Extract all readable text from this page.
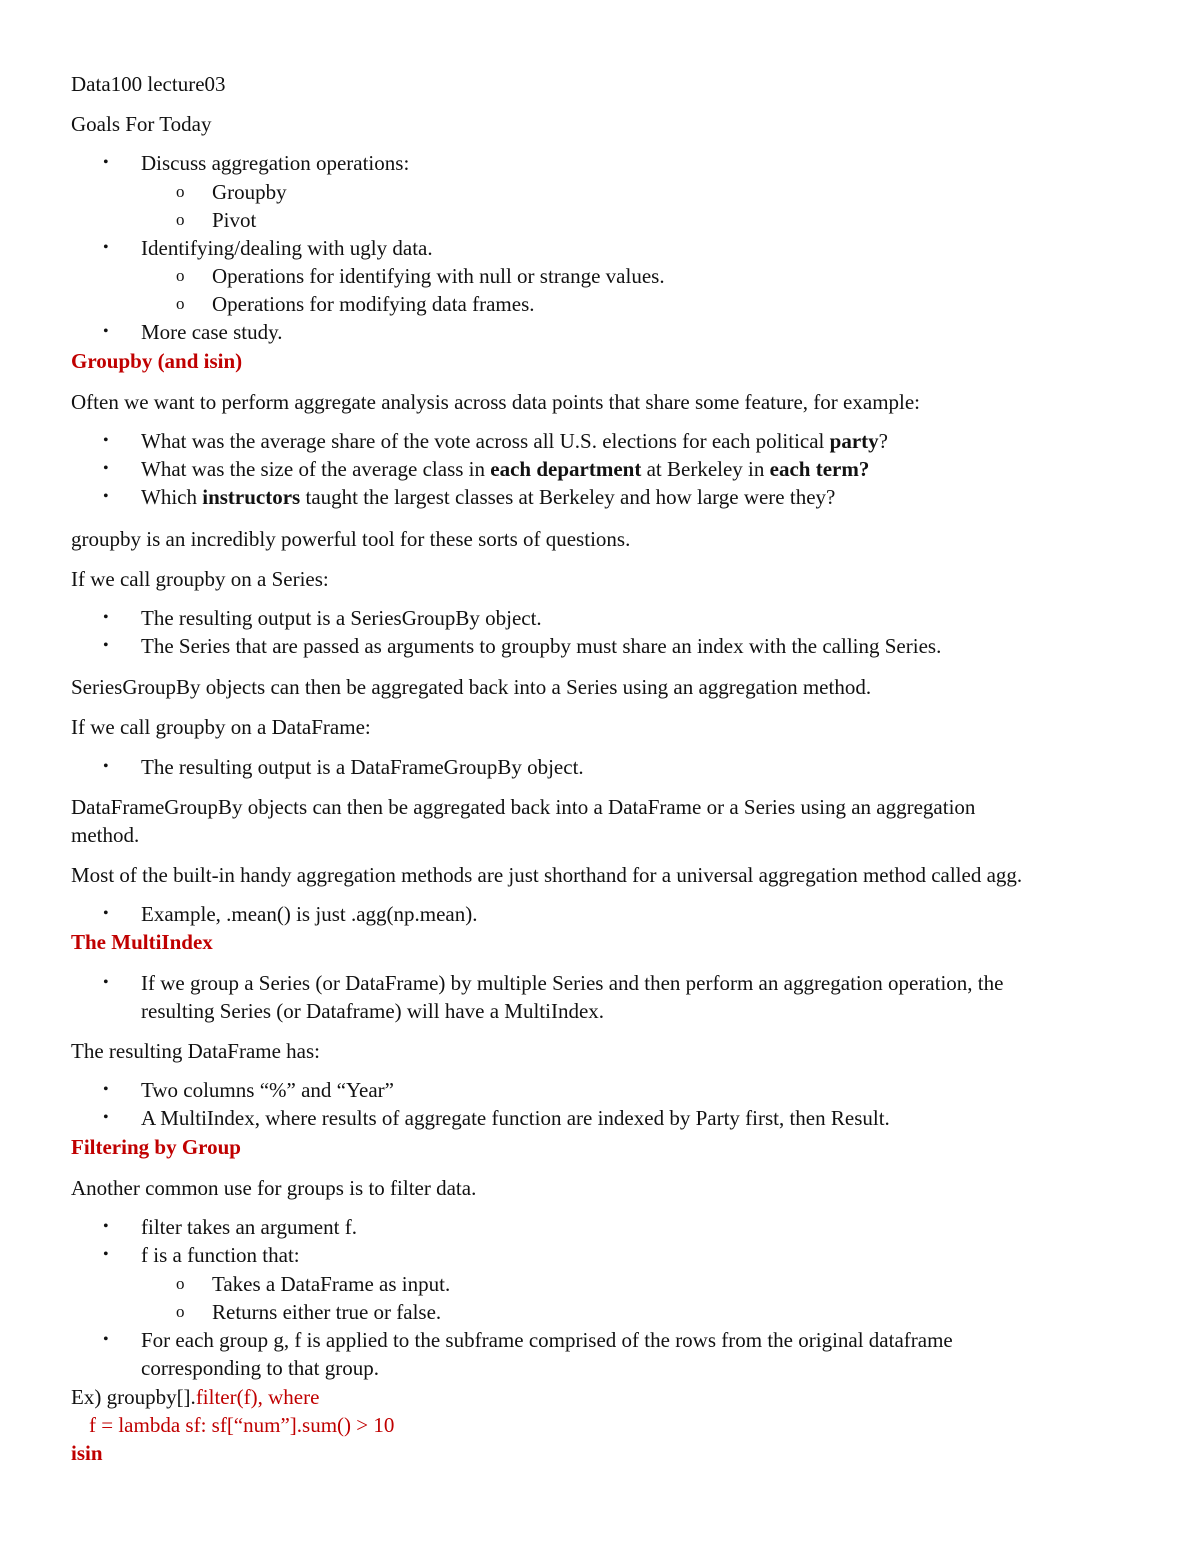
Data100 lecture03
Goals For Today
• Discuss aggregation operations:
o Groupby
o Pivot
• Identifying/dealing with ugly data.
o Operations for identifying with null or strange values.
o Operations for modifying data frames.
• More case study.
Groupby (and isin)
Often we want to perform aggregate analysis across data points that share some feature, for example:
• What was the average share of the vote across all U.S. elections for each political party?
• What was the size of the average class in each department at Berkeley in each term?
• Which instructors taught the largest classes at Berkeley and how large were they?
groupby is an incredibly powerful tool for these sorts of questions.
If we call groupby on a Series:
• The resulting output is a SeriesGroupBy object.
• The Series that are passed as arguments to groupby must share an index with the calling Series.
SeriesGroupBy objects can then be aggregated back into a Series using an aggregation method.
If we call groupby on a DataFrame:
• The resulting output is a DataFrameGroupBy object.
DataFrameGroupBy objects can then be aggregated back into a DataFrame or a Series using an aggregation
method.
Most of the built-in handy aggregation methods are just shorthand for a universal aggregation method called agg.
• Example, .mean() is just .agg(np.mean).
The MultiIndex
• If we group a Series (or DataFrame) by multiple Series and then perform an aggregation operation, the
resulting Series (or Dataframe) will have a MultiIndex.
The resulting DataFrame has:
• Two columns “%” and “Year”
• A MultiIndex, where results of aggregate function are indexed by Party first, then Result.
Filtering by Group
Another common use for groups is to filter data.
• filter takes an argument f.
• f is a function that:
o Takes a DataFrame as input.
o Returns either true or false.
• For each group g, f is applied to the subframe comprised of the rows from the original dataframe
corresponding to that group.
Ex) groupby[].filter(f), where
f = lambda sf: sf[“num”].sum() > 10
isin
